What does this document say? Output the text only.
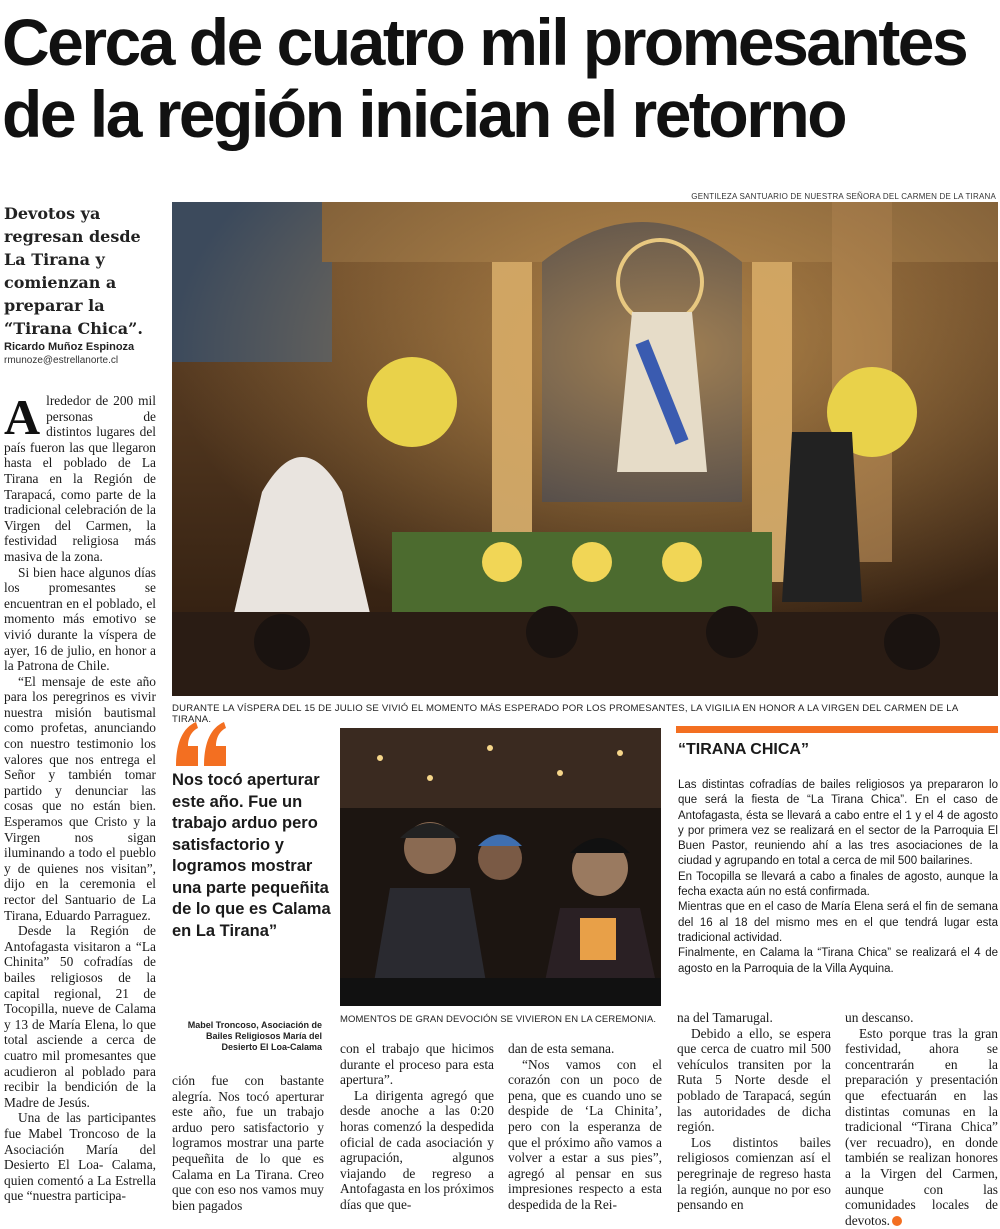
Cerca de cuatro mil promesantes
de la región inician el retorno
GENTILEZA SANTUARIO DE NUESTRA SEÑORA DEL CARMEN DE LA TIRANA
Devotos ya regresan desde La Tirana y comienzan a preparar la “Tirana Chica”.
Ricardo Muñoz Espinoza
rmunoze@estrellanorte.cl

Alrededor de 200 mil personas de distintos lugares del país fueron las que llegaron hasta el poblado de La Tirana en la Región de Tarapacá, como parte de la tradicional celebración de la Virgen del Carmen, la festividad religiosa más masiva de la zona.

Si bien hace algunos días los promesantes se encuentran en el poblado, el momento más emotivo se vivió durante la víspera de ayer, 16 de julio, en honor a la Patrona de Chile.

“El mensaje de este año para los peregrinos es vivir nuestra misión bautismal como profetas, anunciando con nuestro testimonio los valores que nos entrega el Señor y también tomar partido y denunciar las cosas que no están bien. Esperamos que Cristo y la Virgen nos sigan iluminando a todo el pueblo y de quienes nos visitan”, dijo en la ceremonia el rector del Santuario de La Tirana, Eduardo Parraguez.

Desde la Región de Antofagasta visitaron a “La Chinita” 50 cofradías de bailes religiosos de la capital regional, 21 de Tocopilla, nueve de Calama y 13 de María Elena, lo que total asciende a cerca de cuatro mil promesantes que acudieron al poblado para recibir la bendición de la Madre de Jesús.

Una de las participantes fue Mabel Troncoso de la Asociación María del Desierto El Loa- Calama, quien comentó a La Estrella que “nuestra participa-

DURANTE LA VÍSPERA DEL 15 DE JULIO SE VIVIÓ EL MOMENTO MÁS ESPERADO POR LOS PROMESANTES, LA VIGILIA EN HONOR A LA VIRGEN DEL CARMEN DE LA TIRANA.
Nos tocó aperturar este año. Fue un trabajo arduo pero satisfactorio y logramos mostrar una parte pequeñita de lo que es Calama en La Tirana”
Mabel Troncoso, Asociación de Bailes Religiosos María del Desierto El Loa-Calama

ción fue con bastante alegría. Nos tocó aperturar este año, fue un trabajo arduo pero satisfactorio y logramos mostrar una parte pequeñita de lo que es Calama en La Tirana. Creo que con eso nos vamos muy bien pagados

MOMENTOS DE GRAN DEVOCIÓN SE VIVIERON EN LA CEREMONIA.

con el trabajo que hicimos durante el proceso para esta apertura”.

La dirigenta agregó que desde anoche a las 0:20 horas comenzó la despedida oficial de cada asociación y agrupación, algunos viajando de regreso a Antofagasta en los próximos días que que-

dan de esta semana.

“Nos vamos con el corazón con un poco de pena, que es cuando uno se despide de ‘La Chinita’, pero con la esperanza de que el próximo año vamos a volver a estar a sus pies”, agregó al pensar en sus impresiones respecto a esta despedida de la Rei-

na del Tamarugal.

Debido a ello, se espera que cerca de cuatro mil 500 vehículos transiten por la Ruta 5 Norte desde el poblado de Tarapacá, según las autoridades de dicha región.

Los distintos bailes religiosos comienzan así el peregrinaje de regreso hasta la región, aunque no por eso pensando en

un descanso.

Esto porque tras la gran festividad, ahora se concentrarán en la preparación y presentación que efectuarán en las distintas comunas en la tradicional “Tirana Chica” (ver recuadro), en donde también se realizan honores a la Virgen del Carmen, aunque con las comunidades locales de devotos.

“TIRANA CHICA”

Las distintas cofradías de bailes religiosos ya prepararon lo que será la fiesta de “La Tirana Chica”. En el caso de Antofagasta, ésta se llevará a cabo entre el 1 y el 4 de agosto y por primera vez se realizará en el sector de la Parroquia El Buen Pastor, reuniendo ahí a las tres asociaciones de la ciudad y agrupando en total a cerca de mil 500 bailarines.

En Tocopilla se llevará a cabo a finales de agosto, aunque la fecha exacta aún no está confirmada.

Mientras que en el caso de María Elena será el fin de semana del 16 al 18 del mismo mes en el que tendrá lugar esta tradicional actividad.

Finalmente, en Calama la “Tirana Chica” se realizará el 4 de agosto en la Parroquia de la Villa Ayquina.
